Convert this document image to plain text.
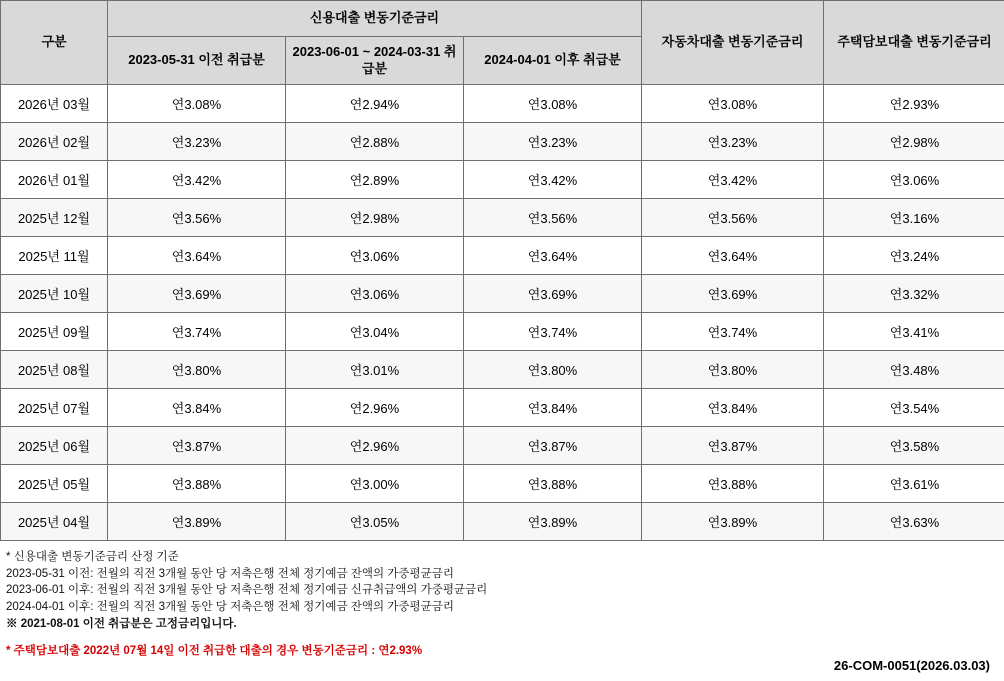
구분	신용대출 변동기준금리			자동차대출 변동기준금리	주택담보대출 변동기준금리
	2023-05-31 이전 취급분	2023-06-01 ~ 2024-03-31 취급분	2024-04-01 이후 취급분		
2026년 03월	연3.08%	연2.94%	연3.08%	연3.08%	연2.93%
2026년 02월	연3.23%	연2.88%	연3.23%	연3.23%	연2.98%
2026년 01월	연3.42%	연2.89%	연3.42%	연3.42%	연3.06%
2025년 12월	연3.56%	연2.98%	연3.56%	연3.56%	연3.16%
2025년 11월	연3.64%	연3.06%	연3.64%	연3.64%	연3.24%
2025년 10월	연3.69%	연3.06%	연3.69%	연3.69%	연3.32%
2025년 09월	연3.74%	연3.04%	연3.74%	연3.74%	연3.41%
2025년 08월	연3.80%	연3.01%	연3.80%	연3.80%	연3.48%
2025년 07월	연3.84%	연2.96%	연3.84%	연3.84%	연3.54%
2025년 06월	연3.87%	연2.96%	연3.87%	연3.87%	연3.58%
2025년 05월	연3.88%	연3.00%	연3.88%	연3.88%	연3.61%
2025년 04월	연3.89%	연3.05%	연3.89%	연3.89%	연3.63%
* 신용대출 변동기준금리 산정 기준
2023-05-31 이전: 전월의 직전 3개월 동안 당 저축은행 전체 정기예금 잔액의 가중평균금리
2023-06-01 이후: 전월의 직전 3개월 동안 당 저축은행 전체 정기예금 신규취급액의 가중평균금리
2024-04-01 이후: 전월의 직전 3개월 동안 당 저축은행 전체 정기예금 잔액의 가중평균금리
※ 2021-08-01 이전 취급분은 고정금리입니다.
* 주택담보대출 2022년 07월 14일 이전 취급한 대출의 경우 변동기준금리 : 연2.93%
26-COM-0051(2026.03.03)
